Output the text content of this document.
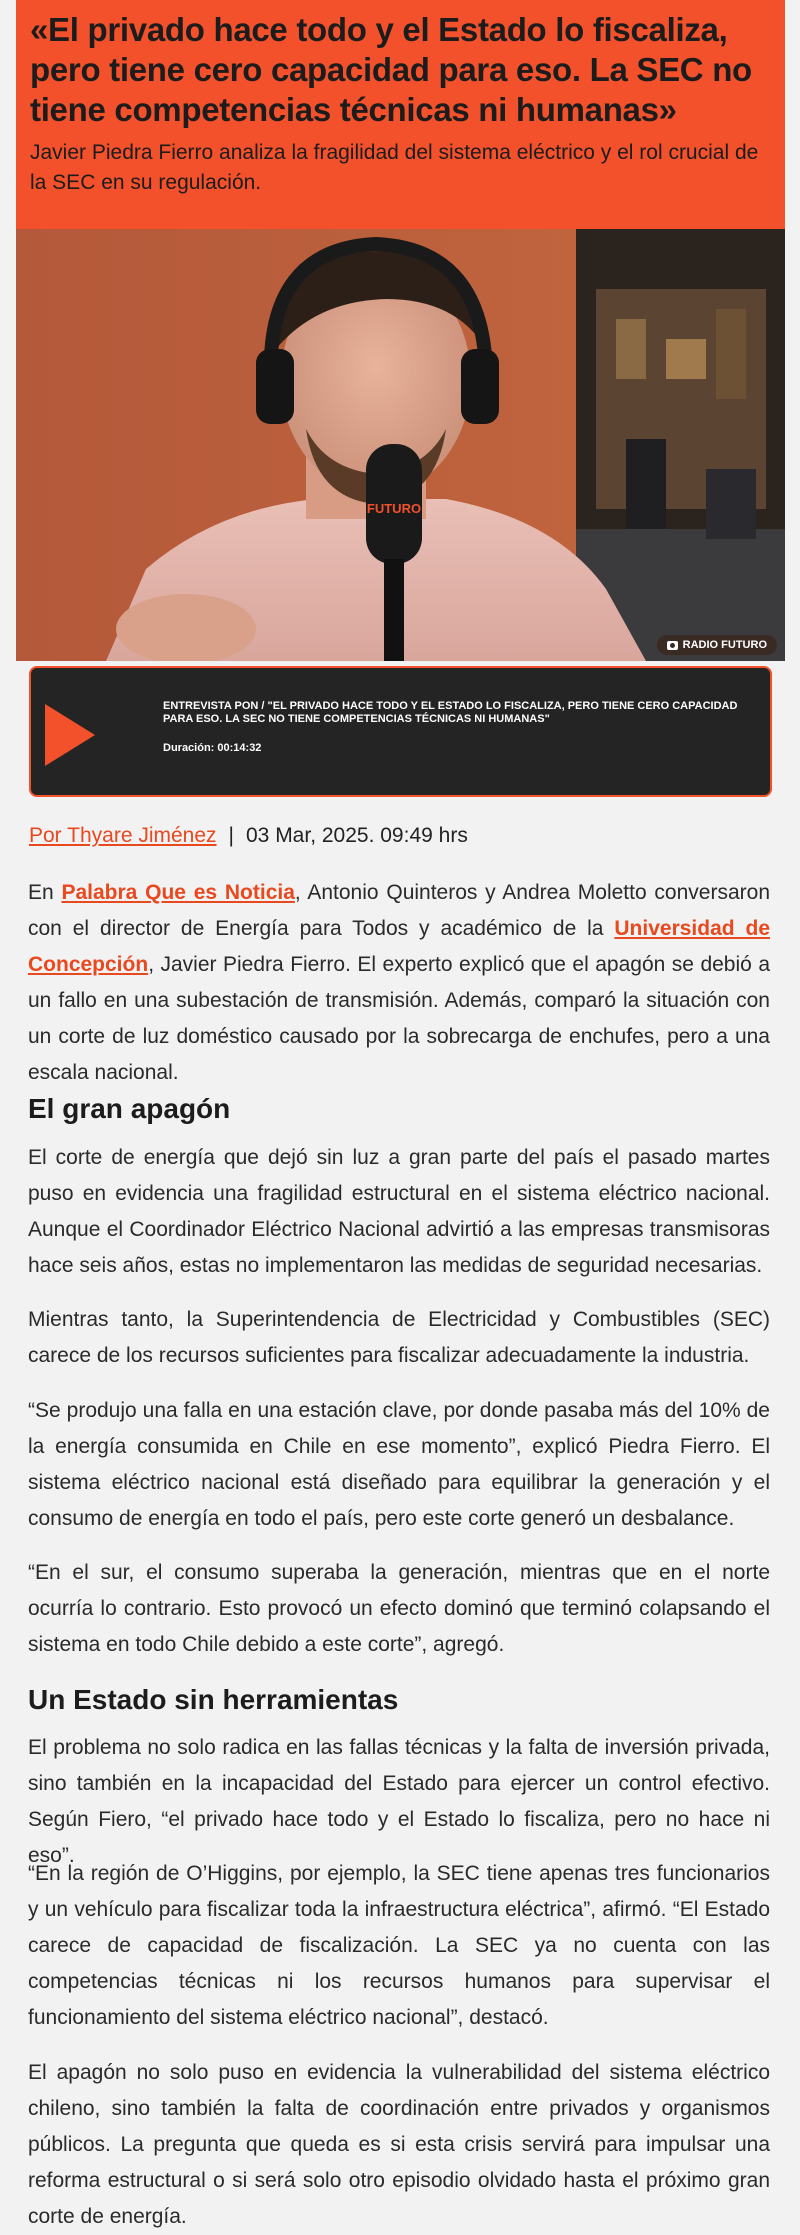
«El privado hace todo y el Estado lo fiscaliza, pero tiene cero capacidad para eso. La SEC no tiene competencias técnicas ni humanas»
Javier Piedra Fierro analiza la fragilidad del sistema eléctrico y el rol crucial de la SEC en su regulación.
FUTURO
RADIO FUTURO
ENTREVISTA PON / "EL PRIVADO HACE TODO Y EL ESTADO LO FISCALIZA, PERO TIENE CERO CAPACIDAD PARA ESO. LA SEC NO TIENE COMPETENCIAS TÉCNICAS NI HUMANAS"
Duración: 00:14:32
Por Thyare Jiménez | 03 Mar, 2025. 09:49 hrs

En Palabra Que es Noticia, Antonio Quinteros y Andrea Moletto conversaron con el director de Energía para Todos y académico de la Universidad de Concepción, Javier Piedra Fierro. El experto explicó que el apagón se debió a un fallo en una subestación de transmisión. Además, comparó la situación con un corte de luz doméstico causado por la sobrecarga de enchufes, pero a una escala nacional.

El gran apagón

El corte de energía que dejó sin luz a gran parte del país el pasado martes puso en evidencia una fragilidad estructural en el sistema eléctrico nacional. Aunque el Coordinador Eléctrico Nacional advirtió a las empresas transmisoras hace seis años, estas no implementaron las medidas de seguridad necesarias.

Mientras tanto, la Superintendencia de Electricidad y Combustibles (SEC) carece de los recursos suficientes para fiscalizar adecuadamente la industria.

“Se produjo una falla en una estación clave, por donde pasaba más del 10% de la energía consumida en Chile en ese momento”, explicó Piedra Fierro. El sistema eléctrico nacional está diseñado para equilibrar la generación y el consumo de energía en todo el país, pero este corte generó un desbalance.

“En el sur, el consumo superaba la generación, mientras que en el norte ocurría lo contrario. Esto provocó un efecto dominó que terminó colapsando el sistema en todo Chile debido a este corte”, agregó.

Un Estado sin herramientas

El problema no solo radica en las fallas técnicas y la falta de inversión privada, sino también en la incapacidad del Estado para ejercer un control efectivo. Según Fiero, “el privado hace todo y el Estado lo fiscaliza, pero no hace ni eso”.

“En la región de O’Higgins, por ejemplo, la SEC tiene apenas tres funcionarios y un vehículo para fiscalizar toda la infraestructura eléctrica”, afirmó. “El Estado carece de capacidad de fiscalización. La SEC ya no cuenta con las competencias técnicas ni los recursos humanos para supervisar el funcionamiento del sistema eléctrico nacional”, destacó.

El apagón no solo puso en evidencia la vulnerabilidad del sistema eléctrico chileno, sino también la falta de coordinación entre privados y organismos públicos. La pregunta que queda es si esta crisis servirá para impulsar una reforma estructural o si será solo otro episodio olvidado hasta el próximo gran corte de energía.
